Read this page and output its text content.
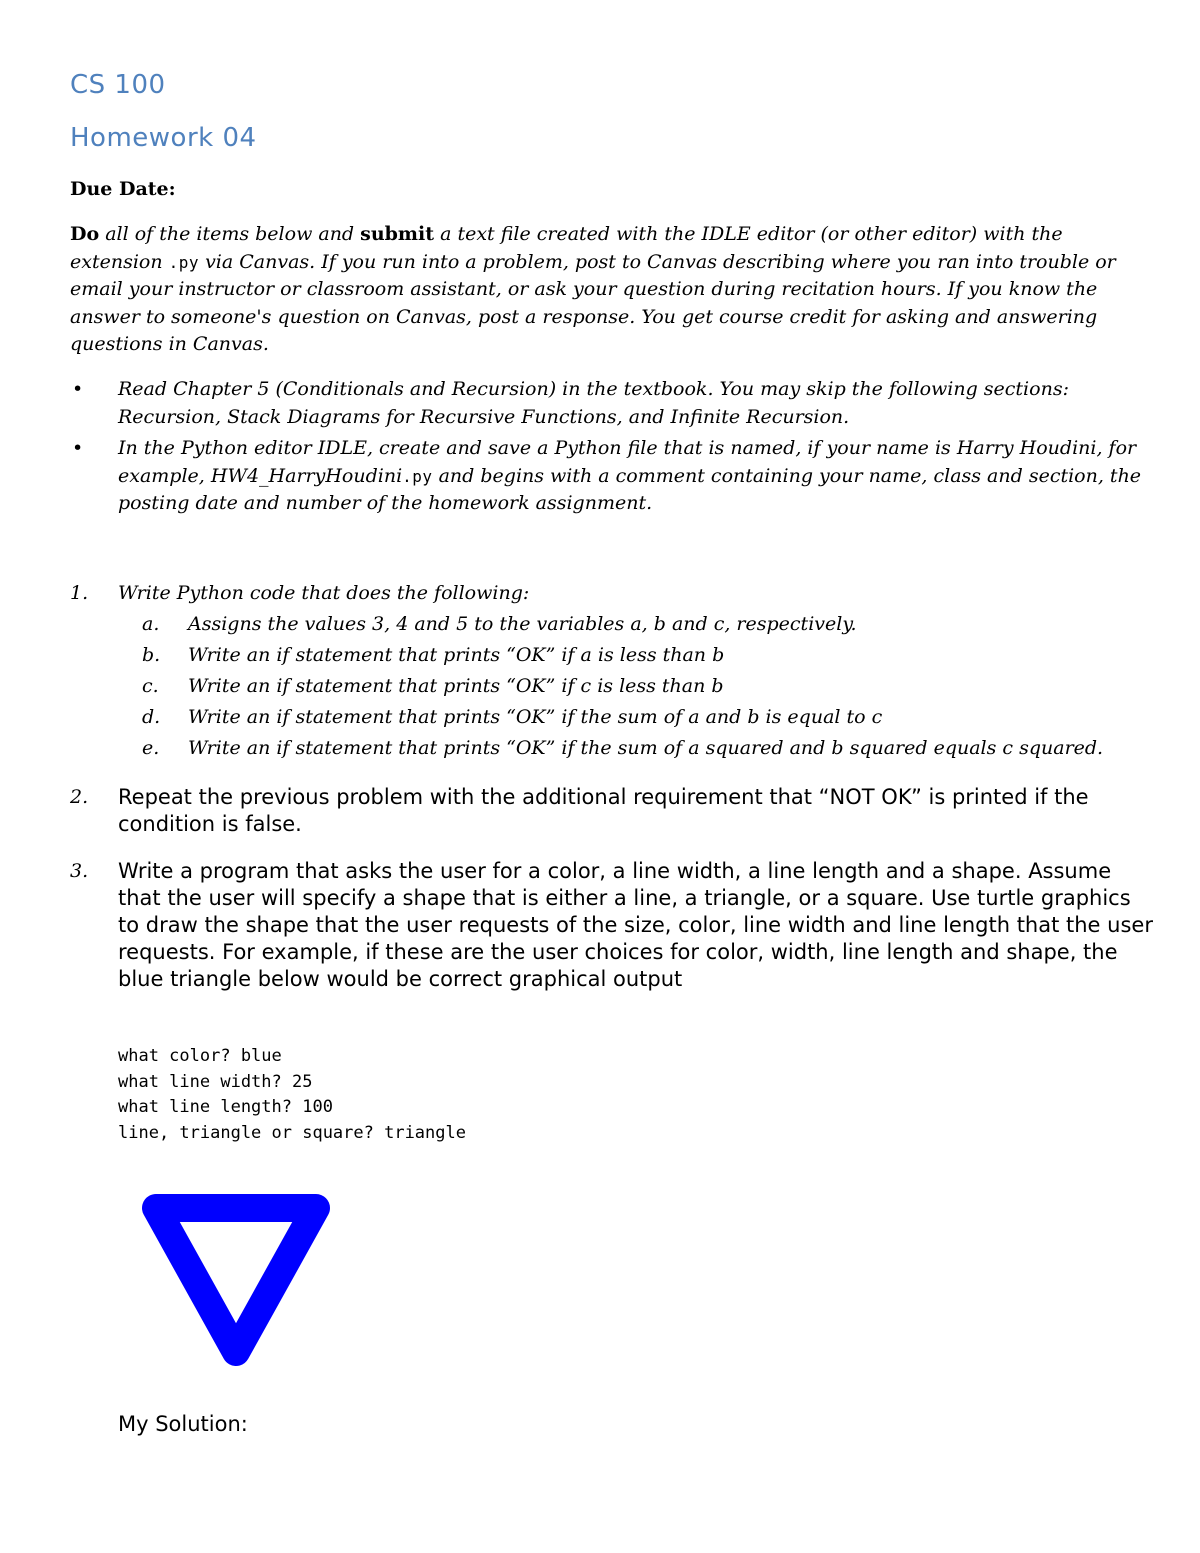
CS 100
Homework 04

Due Date:

Do all of the items below and submit a text file created with the IDLE editor (or other editor) with the extension .py via Canvas. If you run into a problem, post to Canvas describing where you ran into trouble or email your instructor or classroom assistant, or ask your question during recitation hours. If you know the answer to someone's question on Canvas, post a response. You get course credit for asking and answering questions in Canvas.

• Read Chapter 5 (Conditionals and Recursion) in the textbook. You may skip the following sections: Recursion, Stack Diagrams for Recursive Functions, and Infinite Recursion.
• In the Python editor IDLE, create and save a Python file that is named, if your name is Harry Houdini, for example, HW4_HarryHoudini.py and begins with a comment containing your name, class and section, the posting date and number of the homework assignment.

1.	Write Python code that does the following:

a. Assigns the values 3, 4 and 5 to the variables a, b and c, respectively.
b. Write an if statement that prints “OK” if a is less than b
c. Write an if statement that prints “OK” if c is less than b
d. Write an if statement that prints “OK” if the sum of a and b is equal to c
e. Write an if statement that prints “OK” if the sum of a squared and b squared equals c squared.

2.	Repeat the previous problem with the additional requirement that “NOT OK” is printed if the condition is false.

3.	Write a program that asks the user for a color, a line width, a line length and a shape. Assume that the user will specify a shape that is either a line, a triangle, or a square. Use turtle graphics to draw the shape that the user requests of the size, color, line width and line length that the user requests. For example, if these are the user choices for color, width, line length and shape, the blue triangle below would be correct graphical output

what color? blue
what line width? 25
what line length? 100
line, triangle or square? triangle

My Solution:
